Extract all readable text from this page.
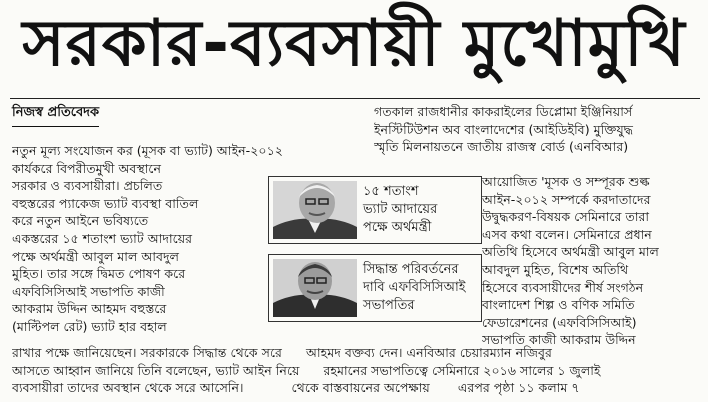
সরকার-ব্যবসায়ী মুখোমুখি
নিজস্ব প্রতিবেদক	গতকাল রাজধানীর কাকরাইলের ডিপ্লোমা ইঞ্জিনিয়ার্স
ইনস্টিটিউশন অব বাংলাদেশের (আইডিইবি) মুক্তিযুদ্ধ
স্মৃতি মিলনায়তনে জাতীয় রাজস্ব বোর্ড (এনবিআর)
নতুন মূল্য সংযোজন কর (মূসক বা ভ্যাট) আইন-২০১২
কার্যকরে বিপরীতমুখী অবস্থানে
সরকার ও ব্যবসায়ীরা। প্রচলিত
বহুস্তরের প্যাকেজ ভ্যাট ব্যবস্থা বাতিল
করে নতুন আইনে ভবিষ্যতে
একস্তরের ১৫ শতাংশ ভ্যাট আদায়ের
পক্ষে অর্থমন্ত্রী আবুল মাল আবদুল
মুহিত। তার সঙ্গে দ্বিমত পোষণ করে
এফবিসিসিআই সভাপতি কাজী
আকরাম উদ্দিন আহমদ বহুস্তরে
(মাল্টিপল রেট) ভ্যাট হার বহাল
আয়োজিত 'মূসক ও সম্পূরক শুল্ক
আইন-২০১২ সম্পর্কে করদাতাদের
উদ্বুদ্ধকরণ-বিষয়ক সেমিনারে তারা
এসব কথা বলেন। সেমিনারে প্রধান
অতিথি হিসেবে অর্থমন্ত্রী আবুল মাল
আবদুল মুহিত, বিশেষ অতিথি
হিসেবে ব্যবসায়ীদের শীর্ষ সংগঠন
বাংলাদেশ শিল্প ও বণিক সমিতি
ফেডারেশনের (এফবিসিসিআই)
সভাপতি কাজী আকরাম উদ্দিন
১৫ শতাংশ
ভ্যাট আদায়ের
পক্ষে অর্থমন্ত্রী
সিদ্ধান্ত পরিবর্তনের
দাবি এফবিসিসিআই
সভাপতির
রাখার পক্ষে জানিয়েছেন। সরকারকে সিদ্ধান্ত থেকে সরে      আহমদ বক্তব্য দেন। এনবিআর চেয়ারম্যান নজিবুর
আসতে আহ্বান জানিয়ে তিনি বলেছেন, ভ্যাট আইন নিয়ে      রহমানের সভাপতিত্বে সেমিনারে ২০১৬ সালের ১ জুলাই
ব্যবসায়ীরা তাদের অবস্থান থেকে সরে আসেনি।            থেকে বাস্তবায়নের অপেক্ষায়       এরপর পৃষ্ঠা ১১ কলাম ৭
